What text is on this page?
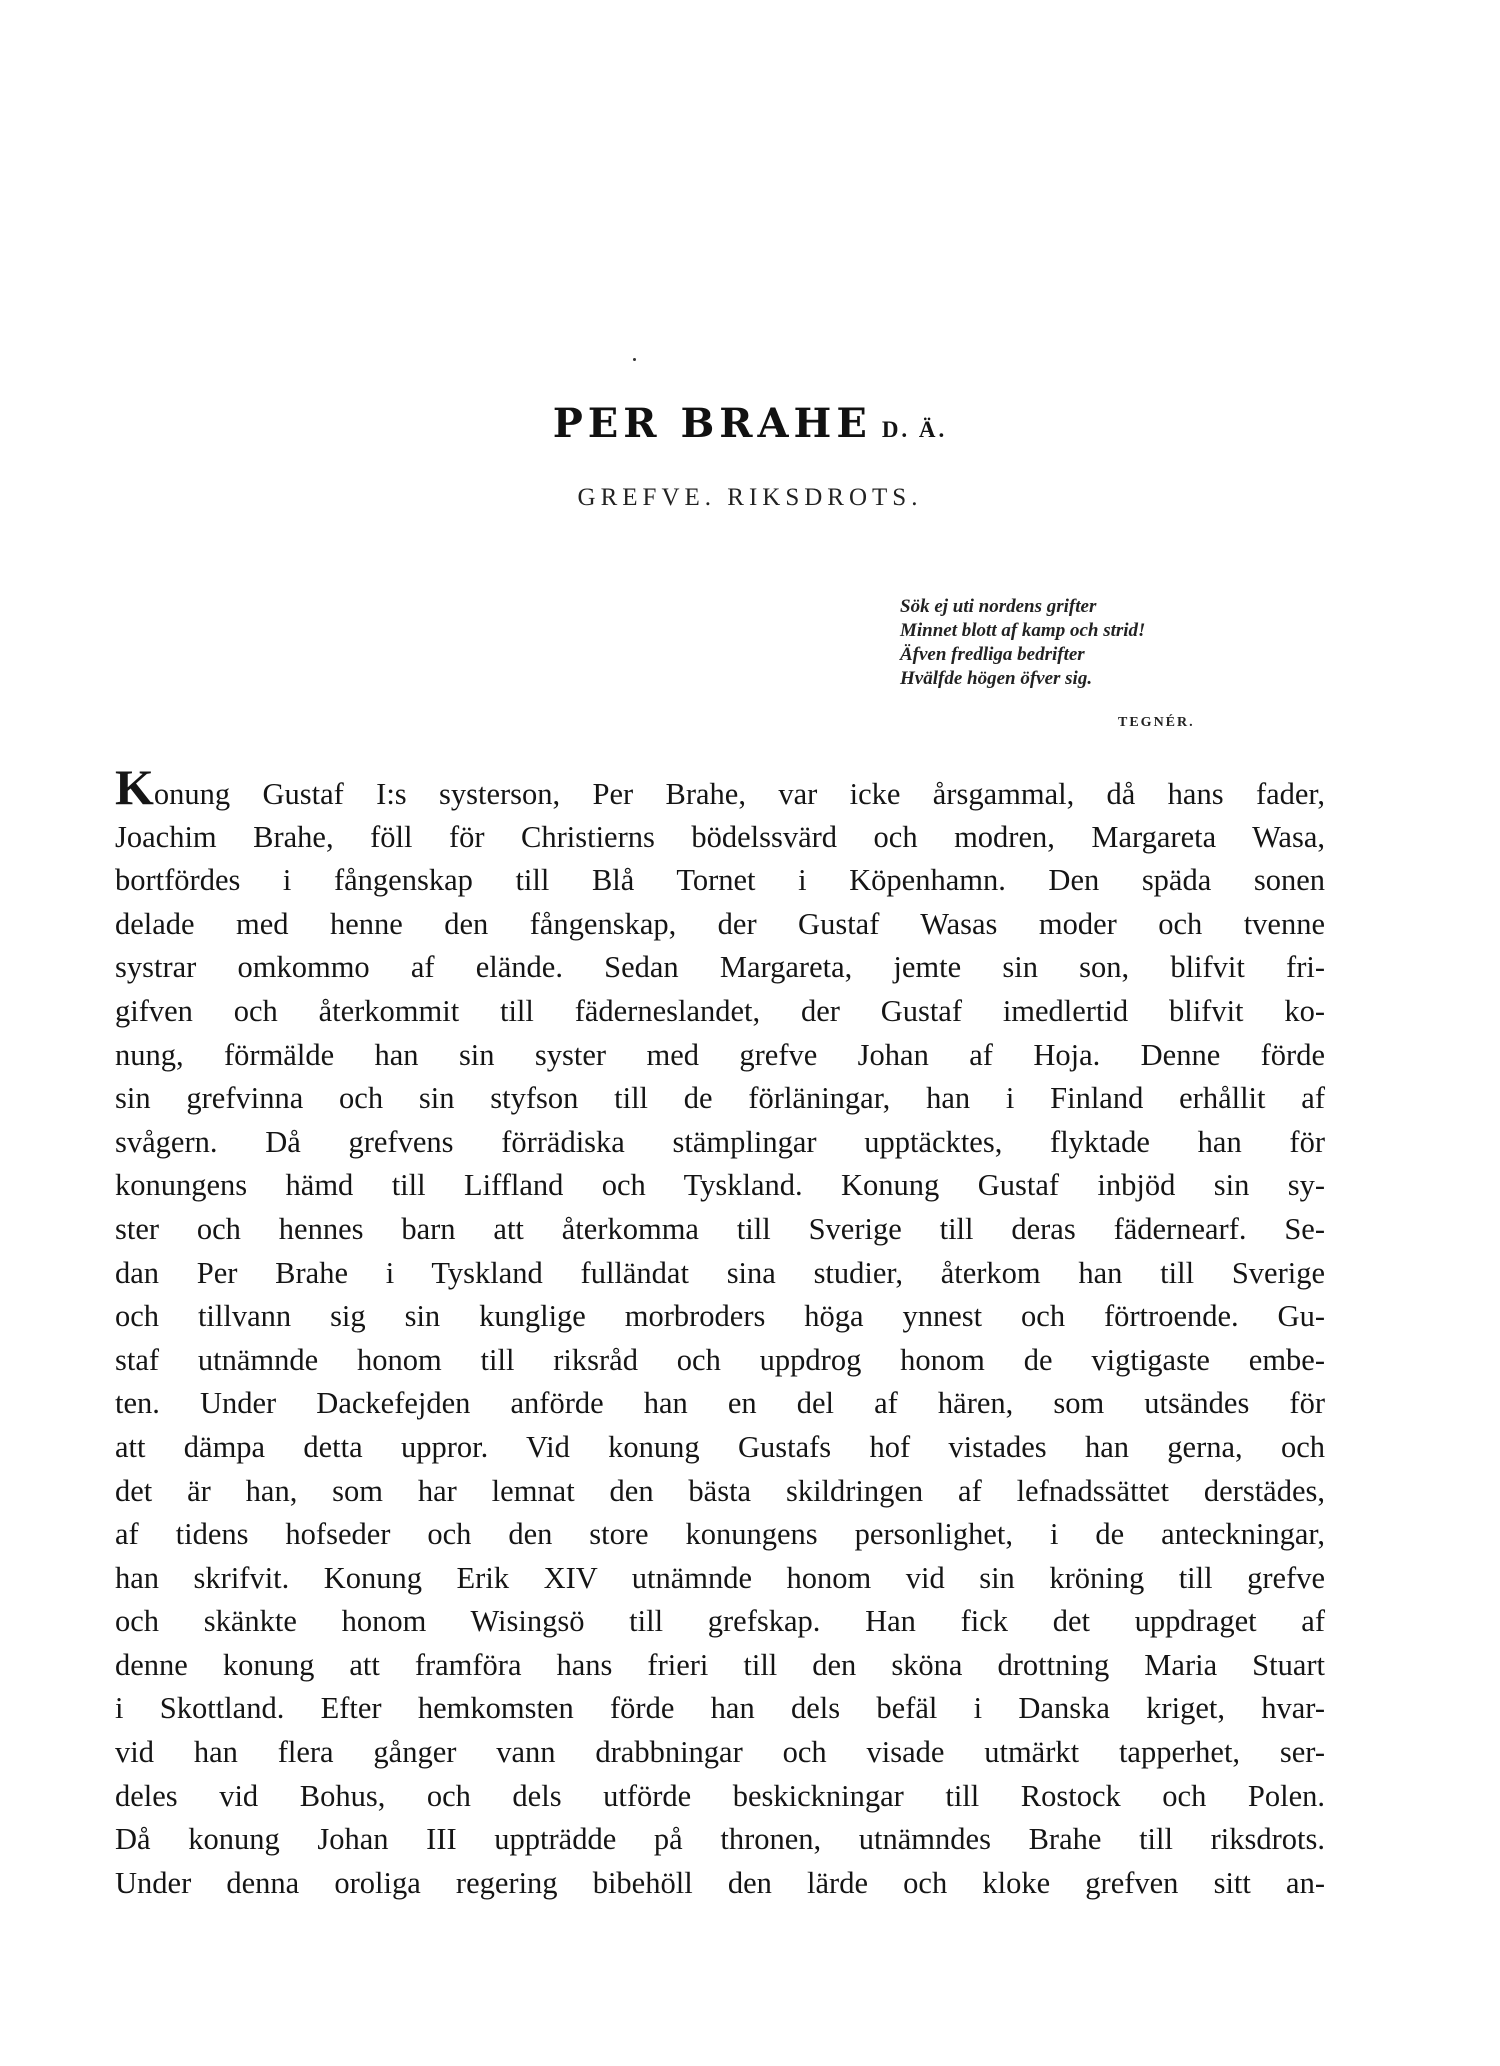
PER BRAHE D. Ä.
GREFVE. RIKSDROTS.
Sök ej uti nordens grifter
Minnet blott af kamp och strid!
Äfven fredliga bedrifter
Hvälfde högen öfver sig.
TEGNÉR.
Konung Gustaf I:s systerson, Per Brahe, var icke årsgammal, då hans fader,
Joachim Brahe, föll för Christierns bödelssvärd och modren, Margareta Wasa,
bortfördes i fångenskap till Blå Tornet i Köpenhamn. Den späda sonen
delade med henne den fångenskap, der Gustaf Wasas moder och tvenne
systrar omkommo af elände. Sedan Margareta, jemte sin son, blifvit fri-
gifven och återkommit till fäderneslandet, der Gustaf imedlertid blifvit ko-
nung, förmälde han sin syster med grefve Johan af Hoja. Denne förde
sin grefvinna och sin styfson till de förläningar, han i Finland erhållit af
svågern. Då grefvens förrädiska stämplingar upptäcktes, flyktade han för
konungens hämd till Liffland och Tyskland. Konung Gustaf inbjöd sin sy-
ster och hennes barn att återkomma till Sverige till deras fädernearf. Se-
dan Per Brahe i Tyskland fulländat sina studier, återkom han till Sverige
och tillvann sig sin kunglige morbroders höga ynnest och förtroende. Gu-
staf utnämnde honom till riksråd och uppdrog honom de vigtigaste embe-
ten. Under Dackefejden anförde han en del af hären, som utsändes för
att dämpa detta uppror. Vid konung Gustafs hof vistades han gerna, och
det är han, som har lemnat den bästa skildringen af lefnadssättet derstädes,
af tidens hofseder och den store konungens personlighet, i de anteckningar,
han skrifvit. Konung Erik XIV utnämnde honom vid sin kröning till grefve
och skänkte honom Wisingsö till grefskap. Han fick det uppdraget af
denne konung att framföra hans frieri till den sköna drottning Maria Stuart
i Skottland. Efter hemkomsten förde han dels befäl i Danska kriget, hvar-
vid han flera gånger vann drabbningar och visade utmärkt tapperhet, ser-
deles vid Bohus, och dels utförde beskickningar till Rostock och Polen.
Då konung Johan III uppträdde på thronen, utnämndes Brahe till riksdrots.
Under denna oroliga regering bibehöll den lärde och kloke grefven sitt an-
